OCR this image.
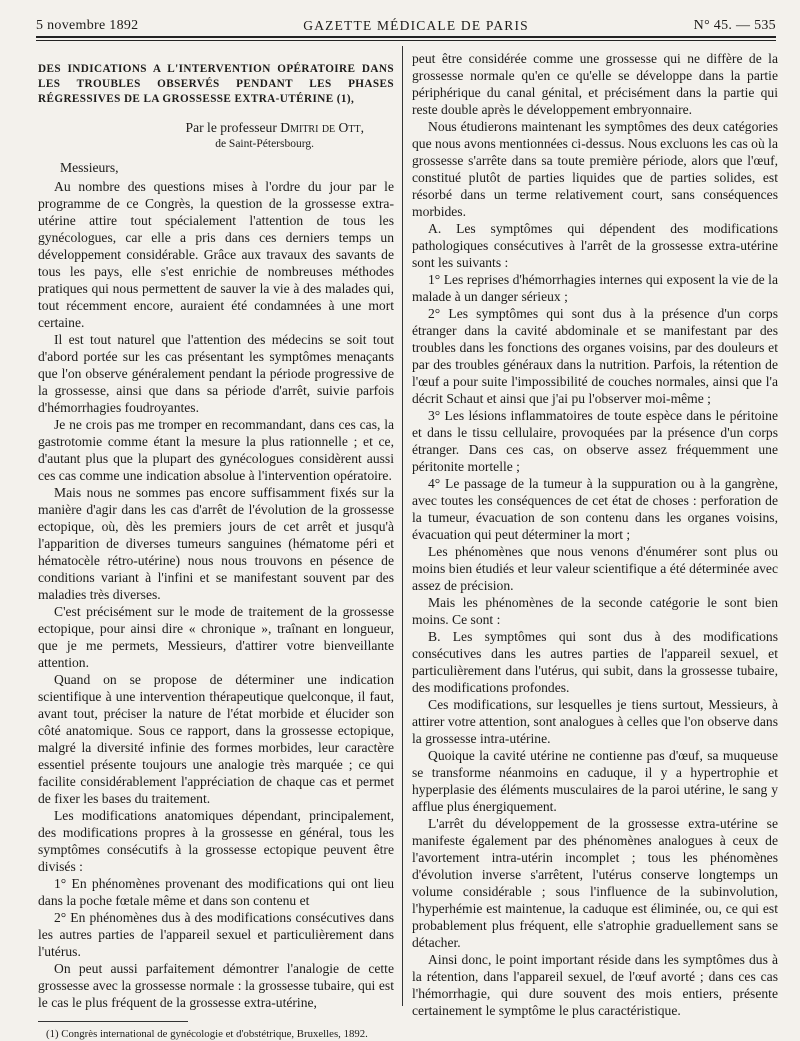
5 novembre 1892	GAZETTE MÉDICALE DE PARIS	N° 45. — 535

DES INDICATIONS A L'INTERVENTION OPÉRATOIRE DANS LES TROUBLES OBSERVÉS PENDANT LES PHASES RÉGRESSIVES DE LA GROSSESSE EXTRA-UTÉRINE (1),

Par le professeur Dmitri de Ott,

de Saint-Pétersbourg.

Messieurs,

Au nombre des questions mises à l'ordre du jour par le programme de ce Congrès, la question de la grossesse extra-utérine attire tout spécialement l'attention de tous les gynécologues, car elle a pris dans ces derniers temps un développement considérable. Grâce aux travaux des savants de tous les pays, elle s'est enrichie de nombreuses méthodes pratiques qui nous permettent de sauver la vie à des malades qui, tout récemment encore, auraient été condamnées à une mort certaine.

Il est tout naturel que l'attention des médecins se soit tout d'abord portée sur les cas présentant les symptômes menaçants que l'on observe généralement pendant la période progressive de la grossesse, ainsi que dans sa période d'arrêt, suivie parfois d'hémorrhagies foudroyantes.

Je ne crois pas me tromper en recommandant, dans ces cas, la gastrotomie comme étant la mesure la plus rationnelle ; et ce, d'autant plus que la plupart des gynécologues considèrent aussi ces cas comme une indication absolue à l'intervention opératoire.

Mais nous ne sommes pas encore suffisamment fixés sur la manière d'agir dans les cas d'arrêt de l'évolution de la grossesse ectopique, où, dès les premiers jours de cet arrêt et jusqu'à l'apparition de diverses tumeurs sanguines (hématome péri et hématocèle rétro-utérine) nous nous trouvons en pésence de conditions variant à l'infini et se manifestant souvent par des maladies très diverses.

C'est précisément sur le mode de traitement de la grossesse ectopique, pour ainsi dire « chronique », traînant en longueur, que je me permets, Messieurs, d'attirer votre bienveillante attention.

Quand on se propose de déterminer une indication scientifique à une intervention thérapeutique quelconque, il faut, avant tout, préciser la nature de l'état morbide et élucider son côté anatomique. Sous ce rapport, dans la grossesse ectopique, malgré la diversité infinie des formes morbides, leur caractère essentiel présente toujours une analogie très marquée ; ce qui facilite considérablement l'appréciation de chaque cas et permet de fixer les bases du traitement.

Les modifications anatomiques dépendant, principalement, des modifications propres à la grossesse en général, tous les symptômes consécutifs à la grossesse ectopique peuvent être divisés :

1° En phénomènes provenant des modifications qui ont lieu dans la poche fœtale même et dans son contenu et

2° En phénomènes dus à des modifications consécutives dans les autres parties de l'appareil sexuel et particulièrement dans l'utérus.

On peut aussi parfaitement démontrer l'analogie de cette grossesse avec la grossesse normale : la grossesse tubaire, qui est le cas le plus fréquent de la grossesse extra-utérine,

(1) Congrès international de gynécologie et d'obstétrique, Bruxelles, 1892.

peut être considérée comme une grossesse qui ne diffère de la grossesse normale qu'en ce qu'elle se développe dans la partie périphérique du canal génital, et précisément dans la partie qui reste double après le développement embryonnaire.

Nous étudierons maintenant les symptômes des deux catégories que nous avons mentionnées ci-dessus. Nous excluons les cas où la grossesse s'arrête dans sa toute première période, alors que l'œuf, constitué plutôt de parties liquides que de parties solides, est résorbé dans un terme relativement court, sans conséquences morbides.

A. Les symptômes qui dépendent des modifications pathologiques consécutives à l'arrêt de la grossesse extra-utérine sont les suivants :

1° Les reprises d'hémorrhagies internes qui exposent la vie de la malade à un danger sérieux ;

2° Les symptômes qui sont dus à la présence d'un corps étranger dans la cavité abdominale et se manifestant par des troubles dans les fonctions des organes voisins, par des douleurs et par des troubles généraux dans la nutrition. Parfois, la rétention de l'œuf a pour suite l'impossibilité de couches normales, ainsi que l'a décrit Schaut et ainsi que j'ai pu l'observer moi-même ;

3° Les lésions inflammatoires de toute espèce dans le péritoine et dans le tissu cellulaire, provoquées par la présence d'un corps étranger. Dans ces cas, on observe assez fréquemment une péritonite mortelle ;

4° Le passage de la tumeur à la suppuration ou à la gangrène, avec toutes les conséquences de cet état de choses : perforation de la tumeur, évacuation de son contenu dans les organes voisins, évacuation qui peut déterminer la mort ;

Les phénomènes que nous venons d'énumérer sont plus ou moins bien étudiés et leur valeur scientifique a été déterminée avec assez de précision.

Mais les phénomènes de la seconde catégorie le sont bien moins. Ce sont :

B. Les symptômes qui sont dus à des modifications consécutives dans les autres parties de l'appareil sexuel, et particulièrement dans l'utérus, qui subit, dans la grossesse tubaire, des modifications profondes.

Ces modifications, sur lesquelles je tiens surtout, Messieurs, à attirer votre attention, sont analogues à celles que l'on observe dans la grossesse intra-utérine.

Quoique la cavité utérine ne contienne pas d'œuf, sa muqueuse se transforme néanmoins en caduque, il y a hypertrophie et hyperplasie des éléments musculaires de la paroi utérine, le sang y afflue plus énergiquement.

L'arrêt du développement de la grossesse extra-utérine se manifeste également par des phénomènes analogues à ceux de l'avortement intra-utérin incomplet ; tous les phénomènes d'évolution inverse s'arrêtent, l'utérus conserve longtemps un volume considérable ; sous l'influence de la subinvolution, l'hyperhémie est maintenue, la caduque est éliminée, ou, ce qui est probablement plus fréquent, elle s'atrophie graduellement sans se détacher.

Ainsi donc, le point important réside dans les symptômes dus à la rétention, dans l'appareil sexuel, de l'œuf avorté ; dans ces cas l'hémorrhagie, qui dure souvent des mois entiers, présente certainement le symptôme le plus caractéristique.
